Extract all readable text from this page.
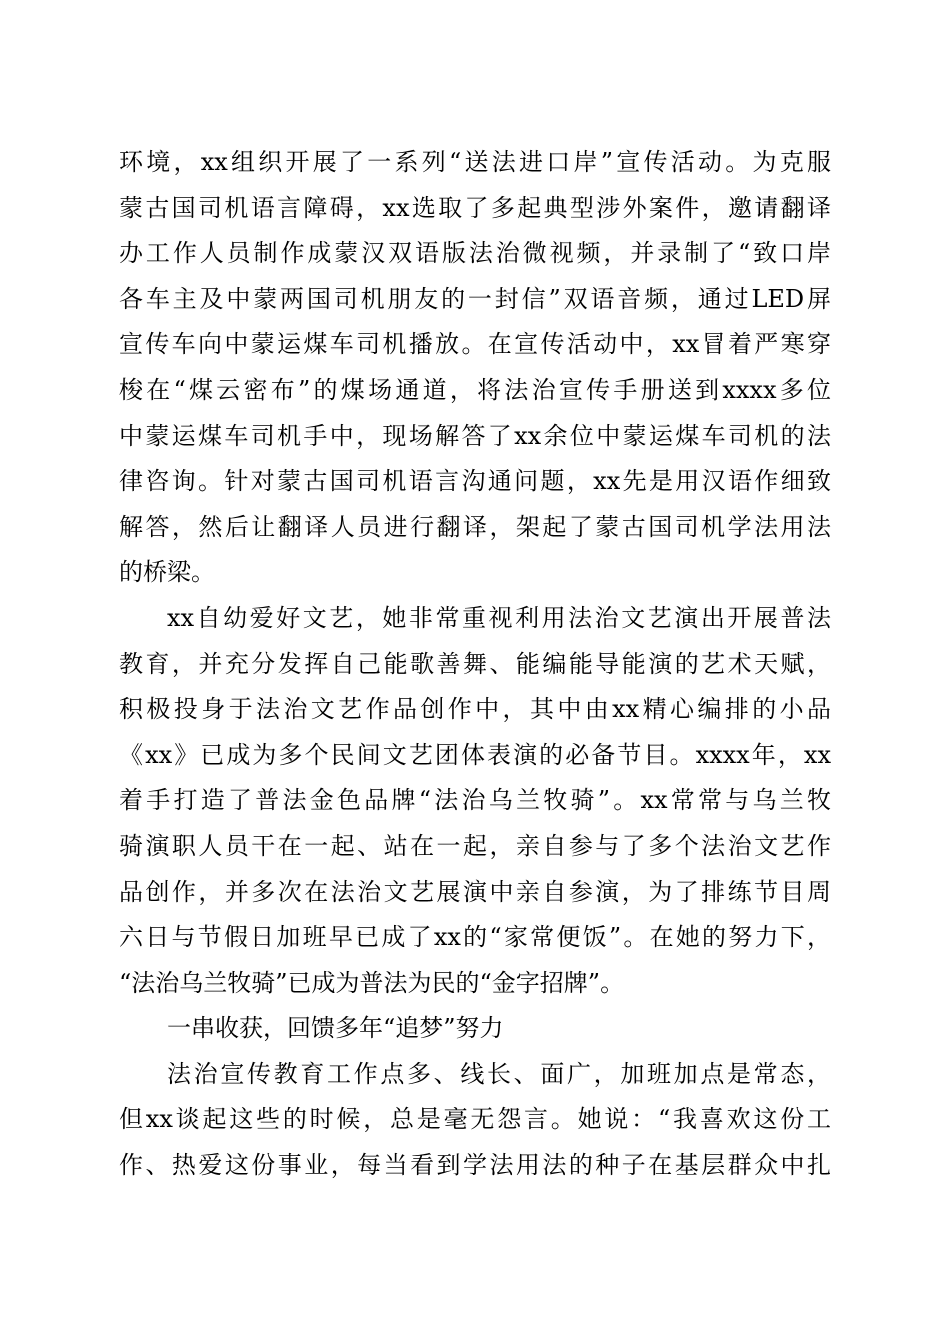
环境，xx组织开展了一系列“送法进口岸”宣传活动。为克服
蒙古国司机语言障碍，xx选取了多起典型涉外案件，邀请翻译
办工作人员制作成蒙汉双语版法治微视频，并录制了“致口岸
各车主及中蒙两国司机朋友的一封信”双语音频，通过LED屏
宣传车向中蒙运煤车司机播放。在宣传活动中，xx冒着严寒穿
梭在“煤云密布”的煤场通道，将法治宣传手册送到xxxx多位
中蒙运煤车司机手中，现场解答了xx余位中蒙运煤车司机的法
律咨询。针对蒙古国司机语言沟通问题，xx先是用汉语作细致
解答，然后让翻译人员进行翻译，架起了蒙古国司机学法用法
的桥梁。
xx自幼爱好文艺，她非常重视利用法治文艺演出开展普法
教育，并充分发挥自己能歌善舞、能编能导能演的艺术天赋，
积极投身于法治文艺作品创作中，其中由xx精心编排的小品
《xx》已成为多个民间文艺团体表演的必备节目。xxxx年，xx
着手打造了普法金色品牌“法治乌兰牧骑”。xx常常与乌兰牧
骑演职人员干在一起、站在一起，亲自参与了多个法治文艺作
品创作，并多次在法治文艺展演中亲自参演，为了排练节目周
六日与节假日加班早已成了xx的“家常便饭”。在她的努力下，
“法治乌兰牧骑”已成为普法为民的“金字招牌”。
一串收获，回馈多年“追梦”努力
法治宣传教育工作点多、线长、面广，加班加点是常态，
但xx谈起这些的时候，总是毫无怨言。她说：“我喜欢这份工
作、热爱这份事业，每当看到学法用法的种子在基层群众中扎
